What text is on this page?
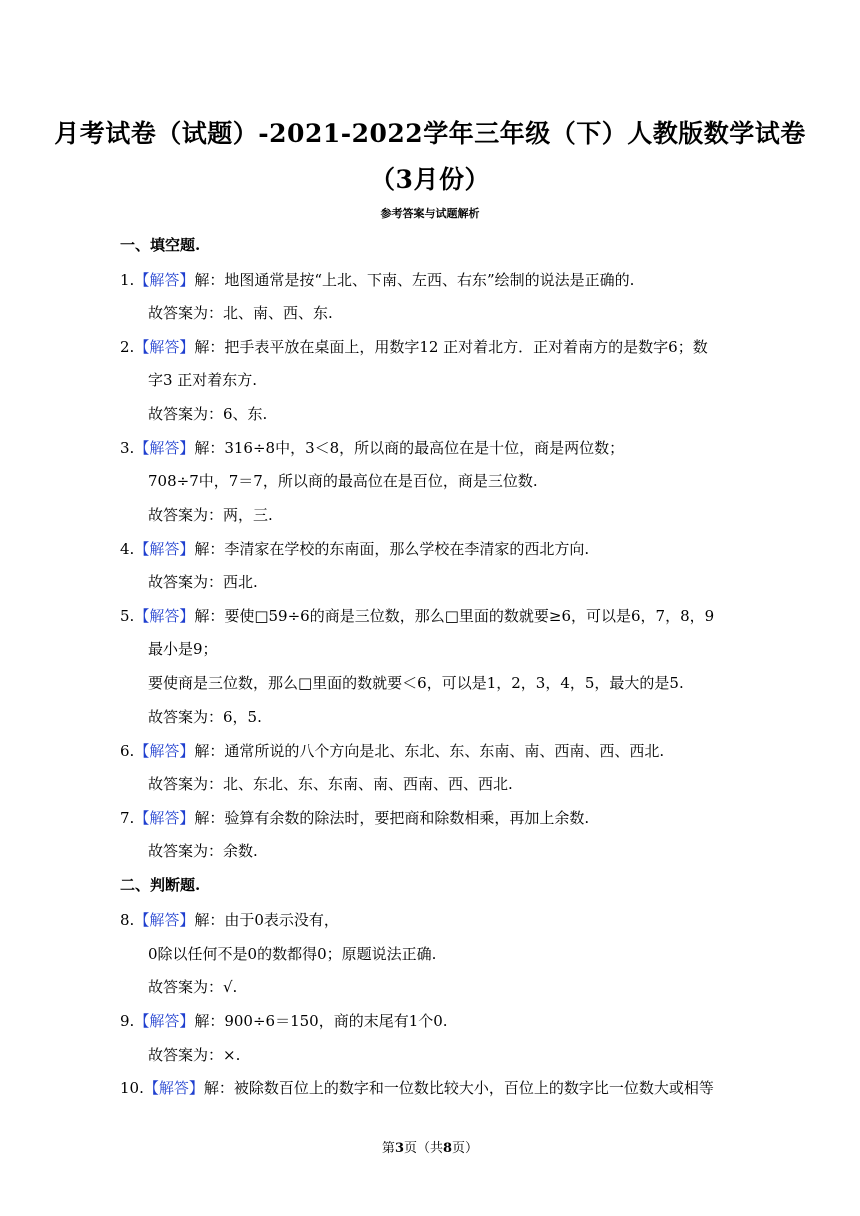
月考试卷（试题）-2021-2022学年三年级（下）人教版数学试卷
（3月份）
参考答案与试题解析
一、填空题.
1.【解答】解：地图通常是按“上北、下南、左西、右东”绘制的说法是正确的.
故答案为：北、南、西、东.
2.【解答】解：把手表平放在桌面上，用数字12 正对着北方．正对着南方的是数字6；数
字3 正对着东方.
故答案为：6、东.
3.【解答】解：316÷8中，3＜8，所以商的最高位在是十位，商是两位数；
708÷7中，7＝7，所以商的最高位在是百位，商是三位数.
故答案为：两，三.
4.【解答】解：李清家在学校的东南面，那么学校在李清家的西北方向.
故答案为：西北.
5.【解答】解：要使□59÷6的商是三位数，那么□里面的数就要≥6，可以是6，7，8，9
最小是9；
要使商是三位数，那么□里面的数就要＜6，可以是1，2，3，4，5，最大的是5.
故答案为：6，5.
6.【解答】解：通常所说的八个方向是北、东北、东、东南、南、西南、西、西北.
故答案为：北、东北、东、东南、南、西南、西、西北.
7.【解答】解：验算有余数的除法时，要把商和除数相乘，再加上余数.
故答案为：余数.
二、判断题.
8.【解答】解：由于0表示没有，
0除以任何不是0的数都得0；原题说法正确.
故答案为：√.
9.【解答】解：900÷6＝150，商的末尾有1个0.
故答案为：×.
10.【解答】解：被除数百位上的数字和一位数比较大小，百位上的数字比一位数大或相等
第3页（共8页）
